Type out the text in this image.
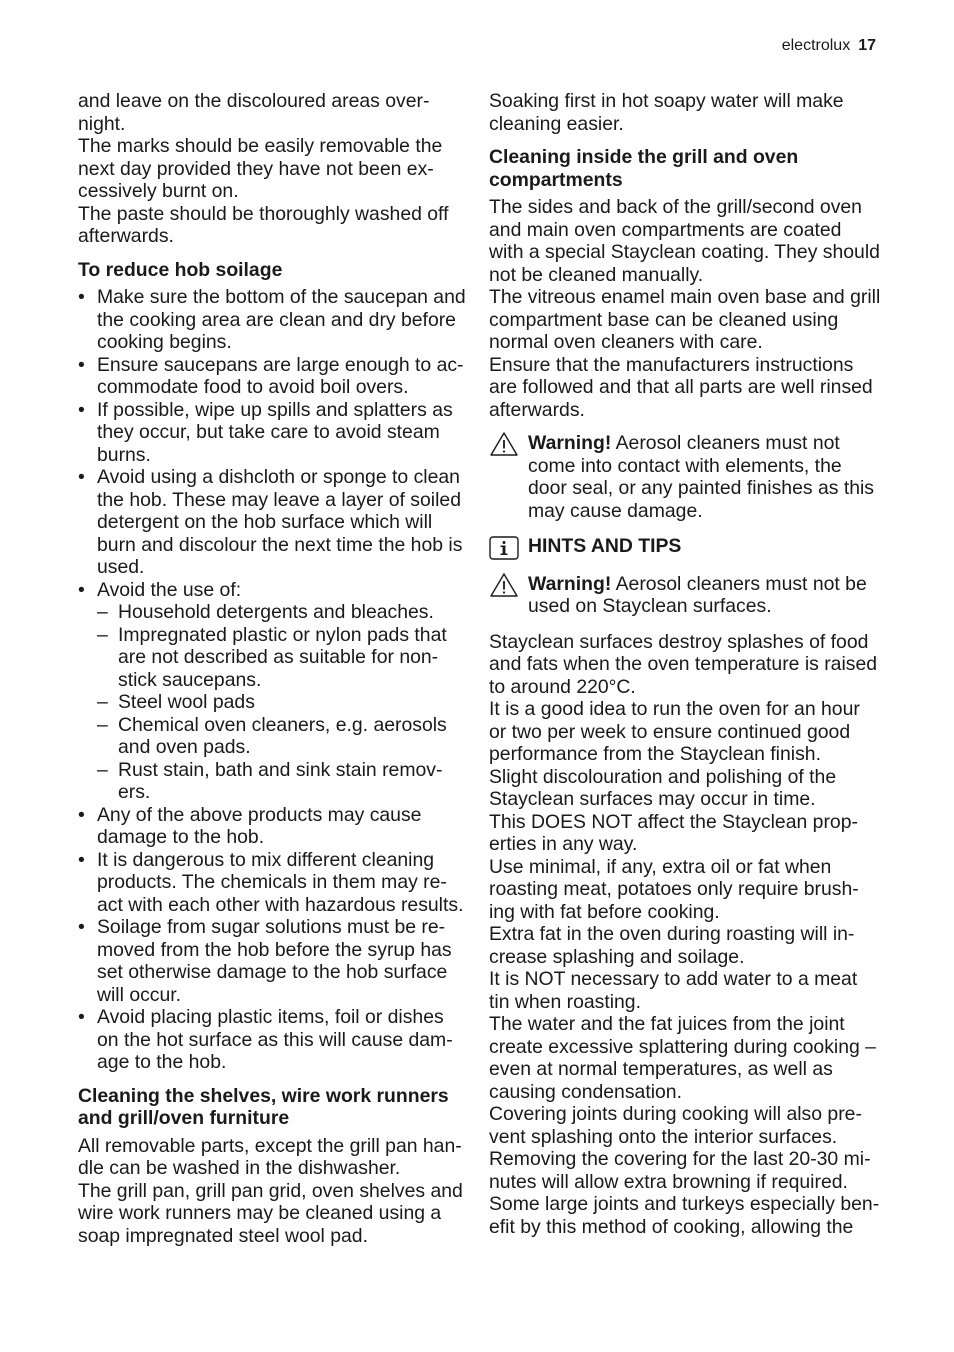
electrolux 17

and leave on the discoloured areas over-night.

The marks should be easily removable the next day provided they have not been ex-cessively burnt on.

The paste should be thoroughly washed off afterwards.

To reduce hob soilage
• Make sure the bottom of the saucepan and the cooking area are clean and dry before cooking begins.
• Ensure saucepans are large enough to ac-commodate food to avoid boil overs.
• If possible, wipe up spills and splatters as they occur, but take care to avoid steam burns.
• Avoid using a dishcloth or sponge to clean the hob. These may leave a layer of soiled detergent on the hob surface which will burn and discolour the next time the hob is used.
• Avoid the use of:
– Household detergents and bleaches.
– Impregnated plastic or nylon pads that are not described as suitable for non-stick saucepans.
– Steel wool pads
– Chemical oven cleaners, e.g. aerosols and oven pads.
– Rust stain, bath and sink stain remov-ers.
• Any of the above products may cause damage to the hob.
• It is dangerous to mix different cleaning products. The chemicals in them may re-act with each other with hazardous results.
• Soilage from sugar solutions must be re-moved from the hob before the syrup has set otherwise damage to the hob surface will occur.
• Avoid placing plastic items, foil or dishes on the hot surface as this will cause dam-age to the hob.
Cleaning the shelves, wire work runners and grill/oven furniture

All removable parts, except the grill pan han-dle can be washed in the dishwasher.

The grill pan, grill pan grid, oven shelves and wire work runners may be cleaned using a soap impregnated steel wool pad.

Soaking first in hot soapy water will make cleaning easier.

Cleaning inside the grill and oven compartments

The sides and back of the grill/second oven and main oven compartments are coated with a special Stayclean coating. They should not be cleaned manually.

The vitreous enamel main oven base and grill compartment base can be cleaned using normal oven cleaners with care.

Ensure that the manufacturers instructions are followed and that all parts are well rinsed afterwards.

Warning! Aerosol cleaners must not come into contact with elements, the door seal, or any painted finishes as this may cause damage.
HINTS AND TIPS
Warning! Aerosol cleaners must not be used on Stayclean surfaces.

Stayclean surfaces destroy splashes of food and fats when the oven temperature is raised to around 220°C.

It is a good idea to run the oven for an hour or two per week to ensure continued good performance from the Stayclean finish.

Slight discolouration and polishing of the Stayclean surfaces may occur in time.

This DOES NOT affect the Stayclean prop-erties in any way.

Use minimal, if any, extra oil or fat when roasting meat, potatoes only require brush-ing with fat before cooking.

Extra fat in the oven during roasting will in-crease splashing and soilage.

It is NOT necessary to add water to a meat tin when roasting.

The water and the fat juices from the joint create excessive splattering during cooking – even at normal temperatures, as well as causing condensation.

Covering joints during cooking will also pre-vent splashing onto the interior surfaces.

Removing the covering for the last 20-30 mi-nutes will allow extra browning if required.

Some large joints and turkeys especially ben-efit by this method of cooking, allowing the
